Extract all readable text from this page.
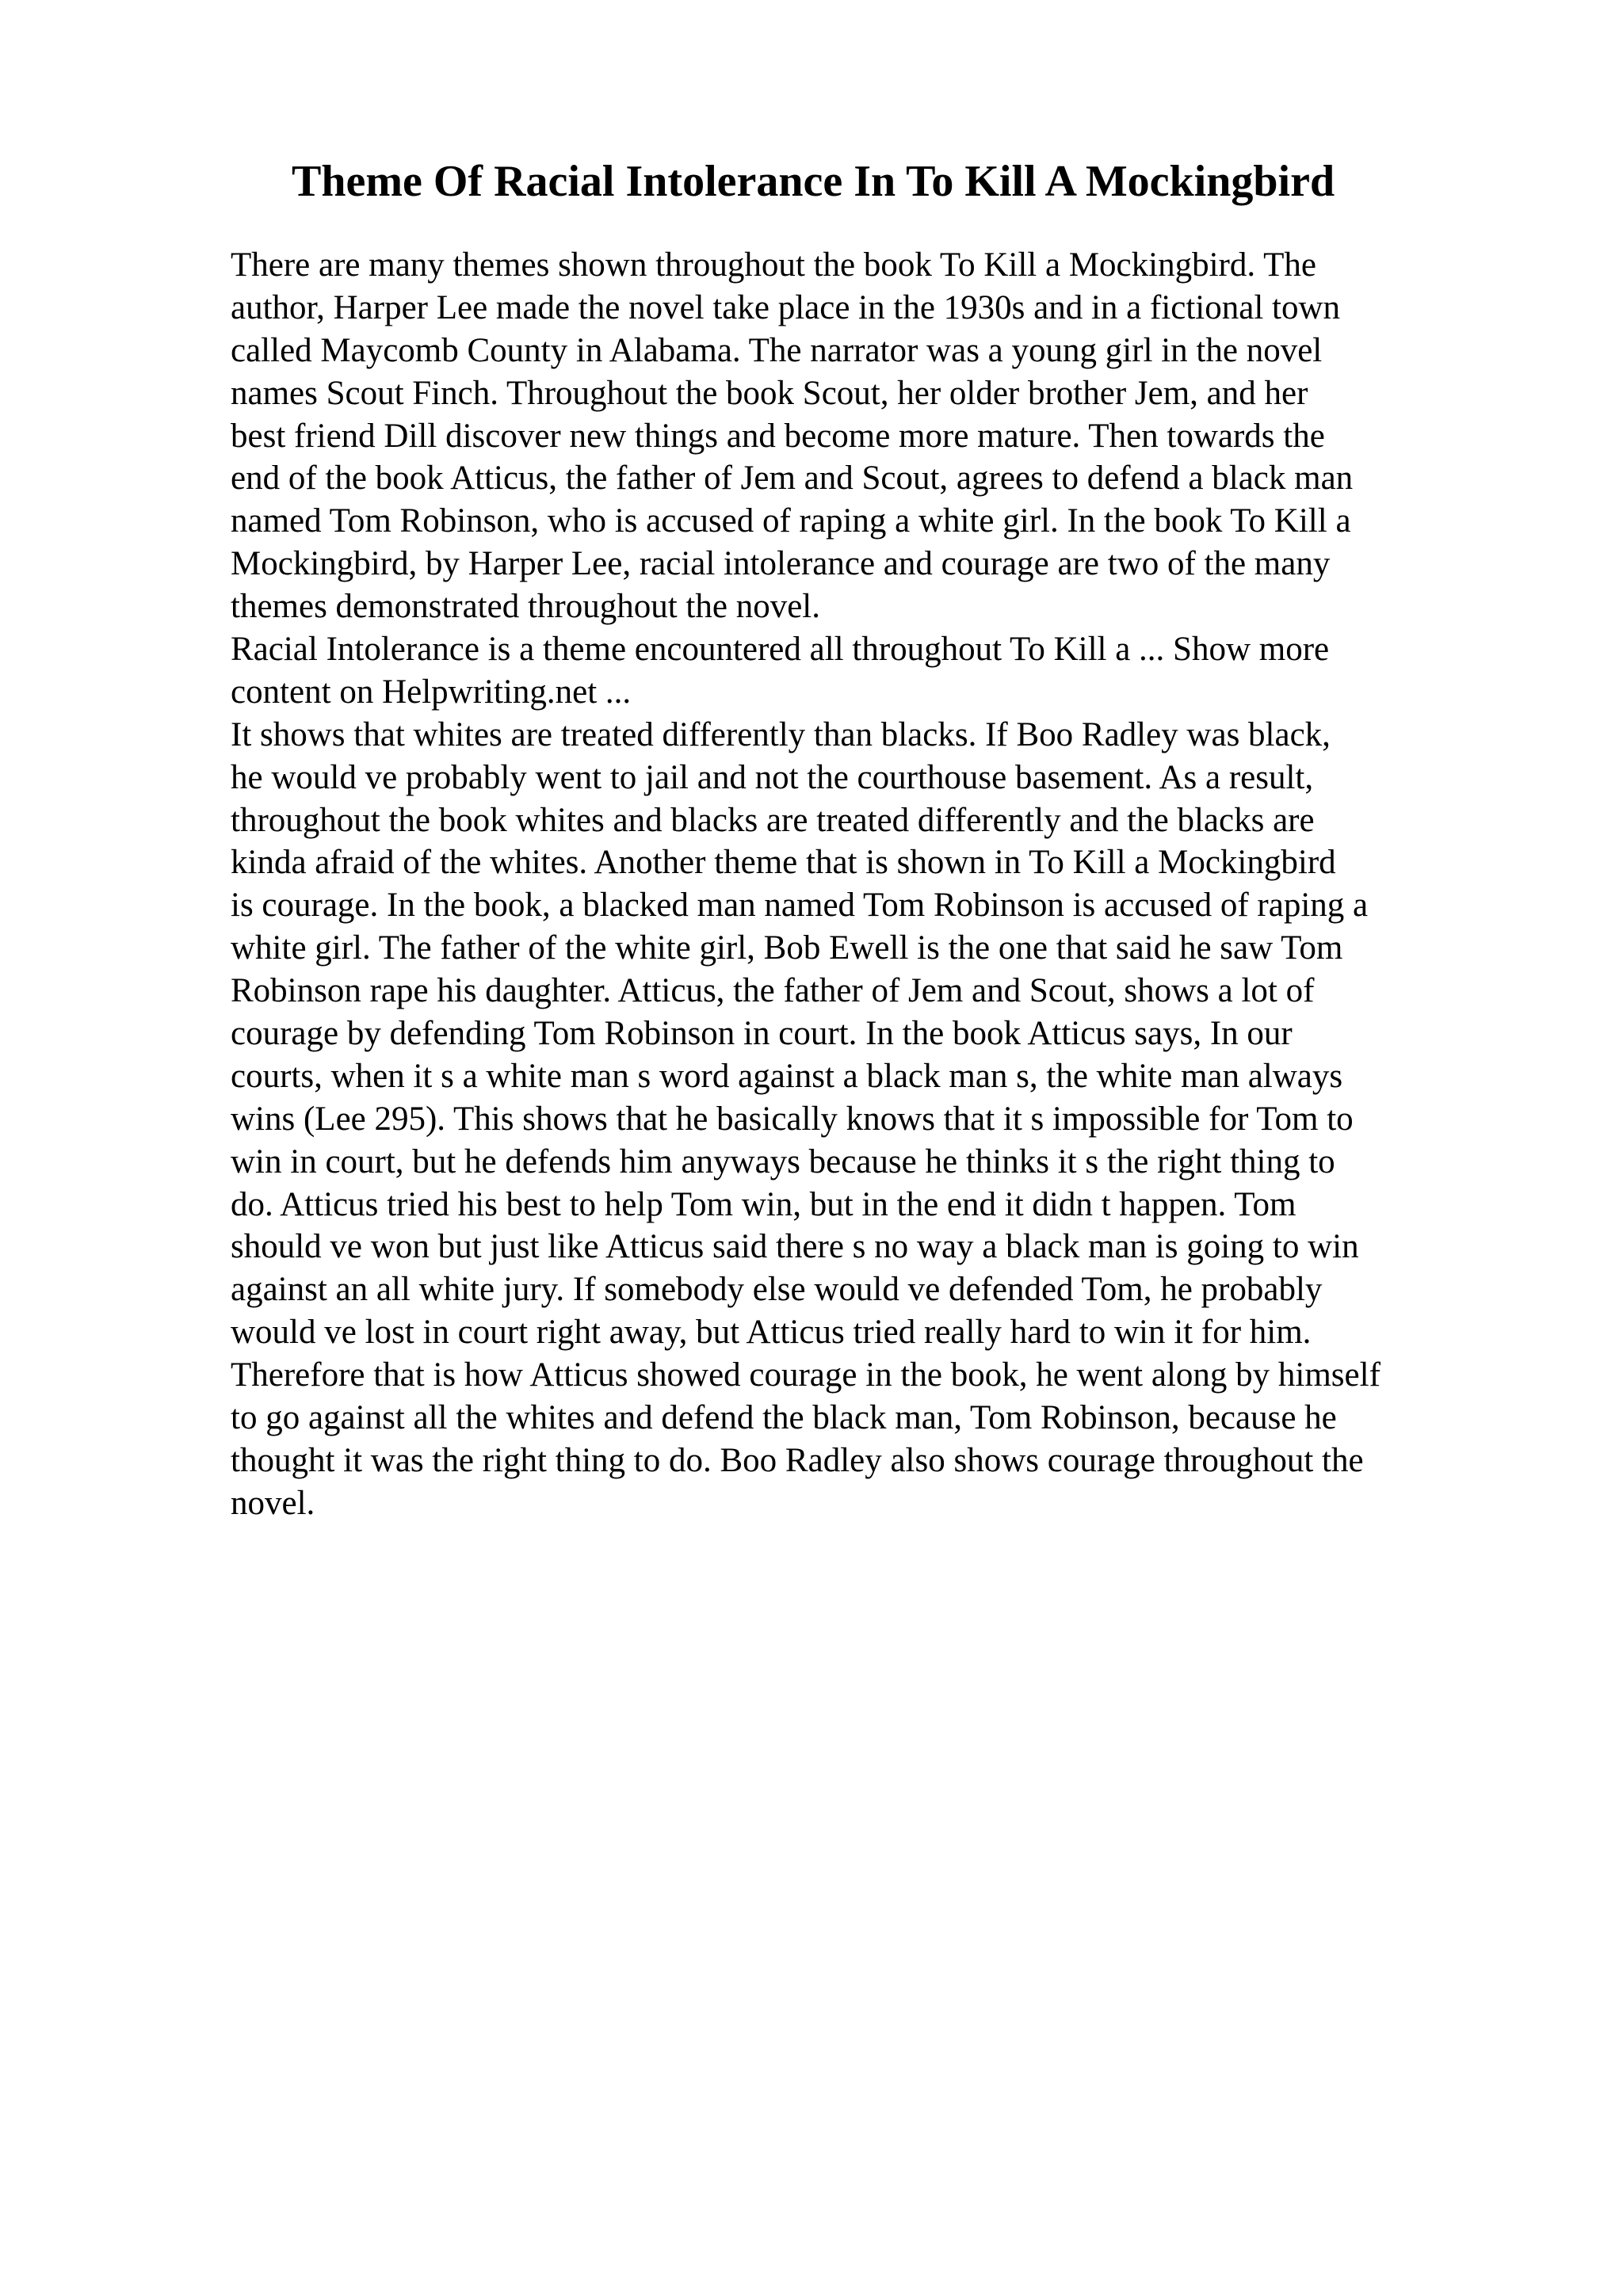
Theme Of Racial Intolerance In To Kill A Mockingbird
There are many themes shown throughout the book To Kill a Mockingbird. The
author, Harper Lee made the novel take place in the 1930s and in a fictional town
called Maycomb County in Alabama. The narrator was a young girl in the novel
names Scout Finch. Throughout the book Scout, her older brother Jem, and her
best friend Dill discover new things and become more mature. Then towards the
end of the book Atticus, the father of Jem and Scout, agrees to defend a black man
named Tom Robinson, who is accused of raping a white girl. In the book To Kill a
Mockingbird, by Harper Lee, racial intolerance and courage are two of the many
themes demonstrated throughout the novel.
Racial Intolerance is a theme encountered all throughout To Kill a ... Show more
content on Helpwriting.net ...
It shows that whites are treated differently than blacks. If Boo Radley was black,
he would ve probably went to jail and not the courthouse basement. As a result,
throughout the book whites and blacks are treated differently and the blacks are
kinda afraid of the whites. Another theme that is shown in To Kill a Mockingbird
is courage. In the book, a blacked man named Tom Robinson is accused of raping a
white girl. The father of the white girl, Bob Ewell is the one that said he saw Tom
Robinson rape his daughter. Atticus, the father of Jem and Scout, shows a lot of
courage by defending Tom Robinson in court. In the book Atticus says, In our
courts, when it s a white man s word against a black man s, the white man always
wins (Lee 295). This shows that he basically knows that it s impossible for Tom to
win in court, but he defends him anyways because he thinks it s the right thing to
do. Atticus tried his best to help Tom win, but in the end it didn t happen. Tom
should ve won but just like Atticus said there s no way a black man is going to win
against an all white jury. If somebody else would ve defended Tom, he probably
would ve lost in court right away, but Atticus tried really hard to win it for him.
Therefore that is how Atticus showed courage in the book, he went along by himself
to go against all the whites and defend the black man, Tom Robinson, because he
thought it was the right thing to do. Boo Radley also shows courage throughout the
novel.
